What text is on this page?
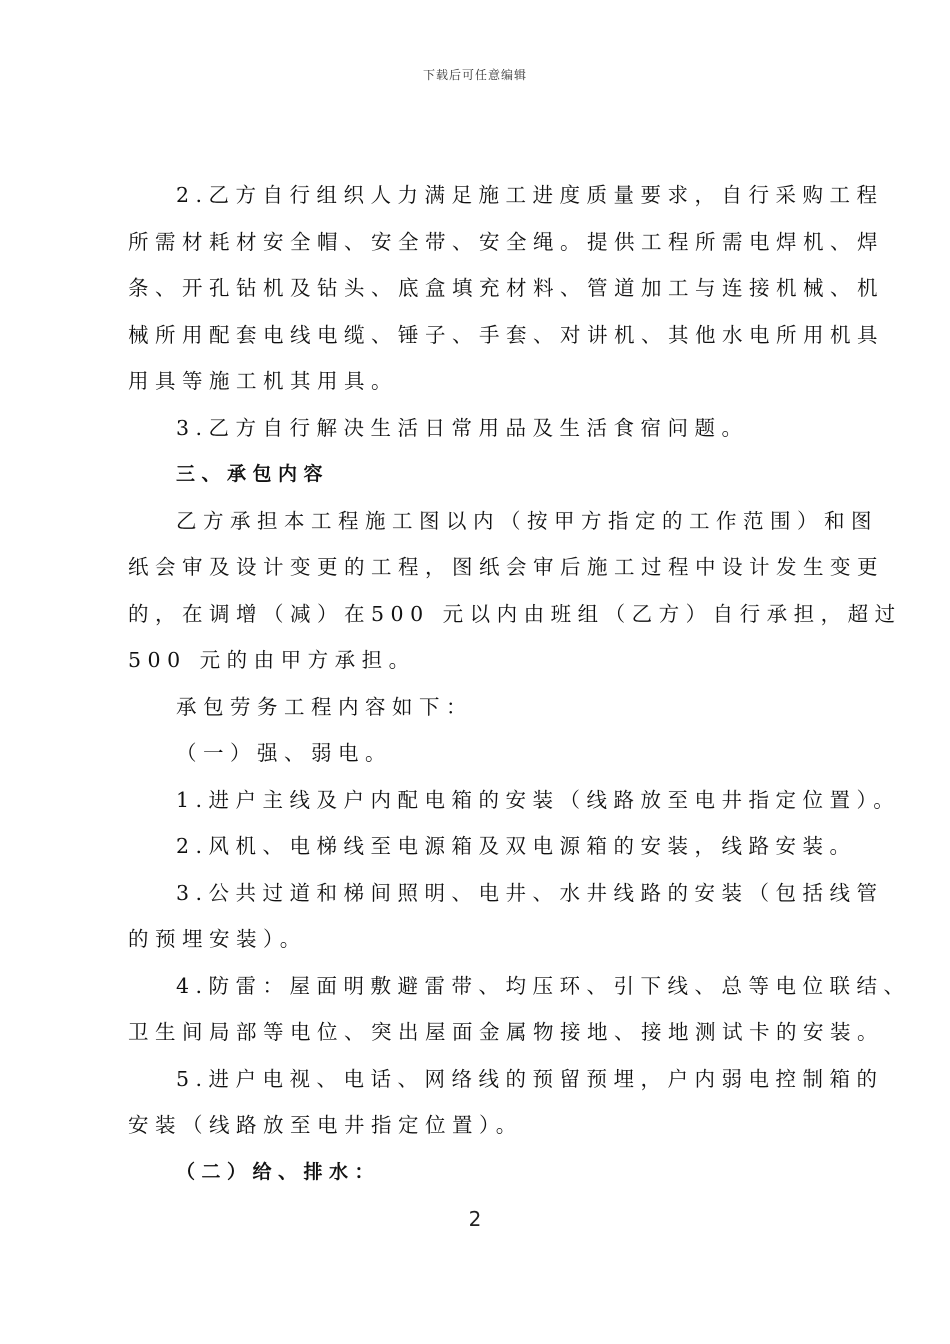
下载后可任意编辑
2.乙方自行组织人力满足施工进度质量要求，自行采购工程
所需材耗材安全帽、安全带、安全绳。提供工程所需电焊机、焊
条、开孔钻机及钻头、底盒填充材料、管道加工与连接机械、机
械所用配套电线电缆、锤子、手套、对讲机、其他水电所用机具
用具等施工机其用具。
3.乙方自行解决生活日常用品及生活食宿问题。
三、承包内容
乙方承担本工程施工图以内（按甲方指定的工作范围）和图
纸会审及设计变更的工程，图纸会审后施工过程中设计发生变更
的，在调增（减）在500 元以内由班组（乙方）自行承担，超过
500 元的由甲方承担。
承包劳务工程内容如下：
（一）强、弱电。
1.进户主线及户内配电箱的安装（线路放至电井指定位置）。
2.风机、电梯线至电源箱及双电源箱的安装，线路安装。
3.公共过道和梯间照明、电井、水井线路的安装（包括线管
的预埋安装）。
4.防雷：屋面明敷避雷带、均压环、引下线、总等电位联结、
卫生间局部等电位、突出屋面金属物接地、接地测试卡的安装。
5.进户电视、电话、网络线的预留预埋，户内弱电控制箱的
安装（线路放至电井指定位置）。
（二）给、排水：
2
